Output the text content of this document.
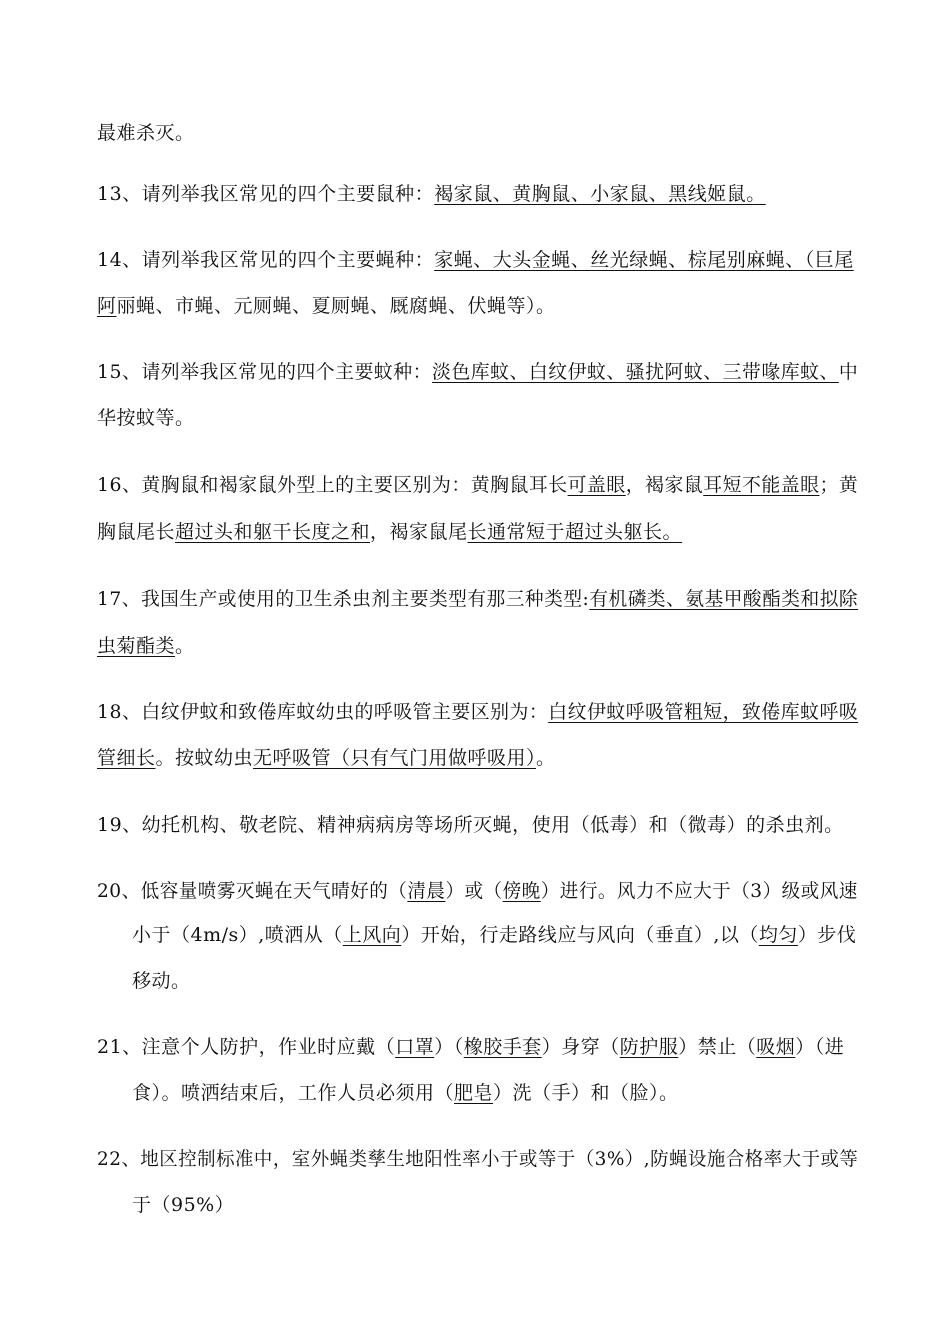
最难杀灭。
13、请列举我区常见的四个主要鼠种：褐家鼠、黄胸鼠、小家鼠、黑线姬鼠。
14、请列举我区常见的四个主要蝇种：家蝇、大头金蝇、丝光绿蝇、棕尾别麻蝇、（巨尾
阿丽蝇、市蝇、元厕蝇、夏厕蝇、厩腐蝇、伏蝇等）。
15、请列举我区常见的四个主要蚊种：淡色库蚊、白纹伊蚊、骚扰阿蚊、三带喙库蚊、中
华按蚊等。
16、黄胸鼠和褐家鼠外型上的主要区别为：黄胸鼠耳长可盖眼，褐家鼠耳短不能盖眼；黄
胸鼠尾长超过头和躯干长度之和，褐家鼠尾长通常短于超过头躯长。
17、我国生产或使用的卫生杀虫剂主要类型有那三种类型:有机磷类、氨基甲酸酯类和拟除
虫菊酯类。
18、白纹伊蚊和致倦库蚊幼虫的呼吸管主要区别为：白纹伊蚊呼吸管粗短，致倦库蚊呼吸
管细长。按蚊幼虫无呼吸管（只有气门用做呼吸用）。
19、幼托机构、敬老院、精神病病房等场所灭蝇，使用（低毒）和（微毒）的杀虫剂。
20、低容量喷雾灭蝇在天气晴好的（清晨）或（傍晚）进行。风力不应大于（3）级或风速
小于（4m/s）,喷洒从（上风向）开始，行走路线应与风向（垂直）,以（均匀）步伐
移动。
21、注意个人防护，作业时应戴（口罩）（橡胶手套）身穿（防护服）禁止（吸烟）（进
食）。喷洒结束后，工作人员必须用（肥皂）洗（手）和（脸）。
22、地区控制标准中，室外蝇类孳生地阳性率小于或等于（3%）,防蝇设施合格率大于或等
于（95%）
